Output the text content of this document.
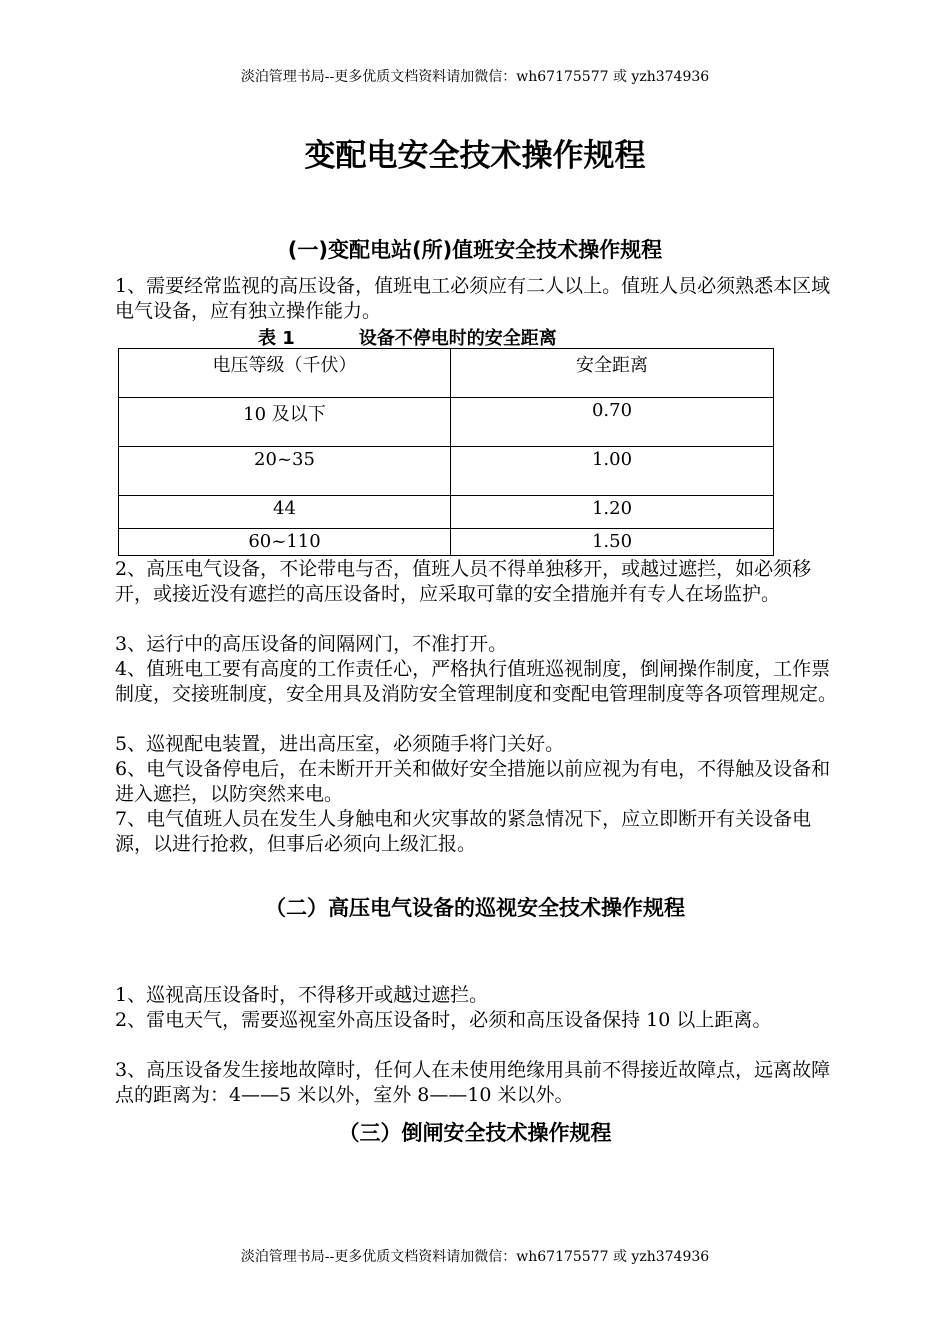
淡泊管理书局--更多优质文档资料请加微信：wh67175577 或 yzh374936
变配电安全技术操作规程
(一)变配电站(所)值班安全技术操作规程
1、需要经常监视的高压设备，值班电工必须应有二人以上。值班人员必须熟悉本区域电气设备，应有独立操作能力。
表 1	设备不停电时的安全距离
电压等级（千伏）	安全距离
10 及以下	0.70
20~35	1.00
44	1.20
60~110	1.50
2、高压电气设备，不论带电与否，值班人员不得单独移开，或越过遮拦，如必须移开，或接近没有遮拦的高压设备时，应采取可靠的安全措施并有专人在场监护。
3、运行中的高压设备的间隔网门，不准打开。
4、值班电工要有高度的工作责任心，严格执行值班巡视制度，倒闸操作制度，工作票制度，交接班制度，安全用具及消防安全管理制度和变配电管理制度等各项管理规定。
5、巡视配电装置，进出高压室，必须随手将门关好。
6、电气设备停电后，在未断开开关和做好安全措施以前应视为有电，不得触及设备和进入遮拦，以防突然来电。
7、电气值班人员在发生人身触电和火灾事故的紧急情况下，应立即断开有关设备电源，以进行抢救，但事后必须向上级汇报。
（二）高压电气设备的巡视安全技术操作规程
1、巡视高压设备时，不得移开或越过遮拦。
2、雷电天气，需要巡视室外高压设备时，必须和高压设备保持 10 以上距离。
3、高压设备发生接地故障时，任何人在未使用绝缘用具前不得接近故障点，远离故障点的距离为：4——5 米以外，室外 8——10 米以外。
（三）倒闸安全技术操作规程
淡泊管理书局--更多优质文档资料请加微信：wh67175577 或 yzh374936
